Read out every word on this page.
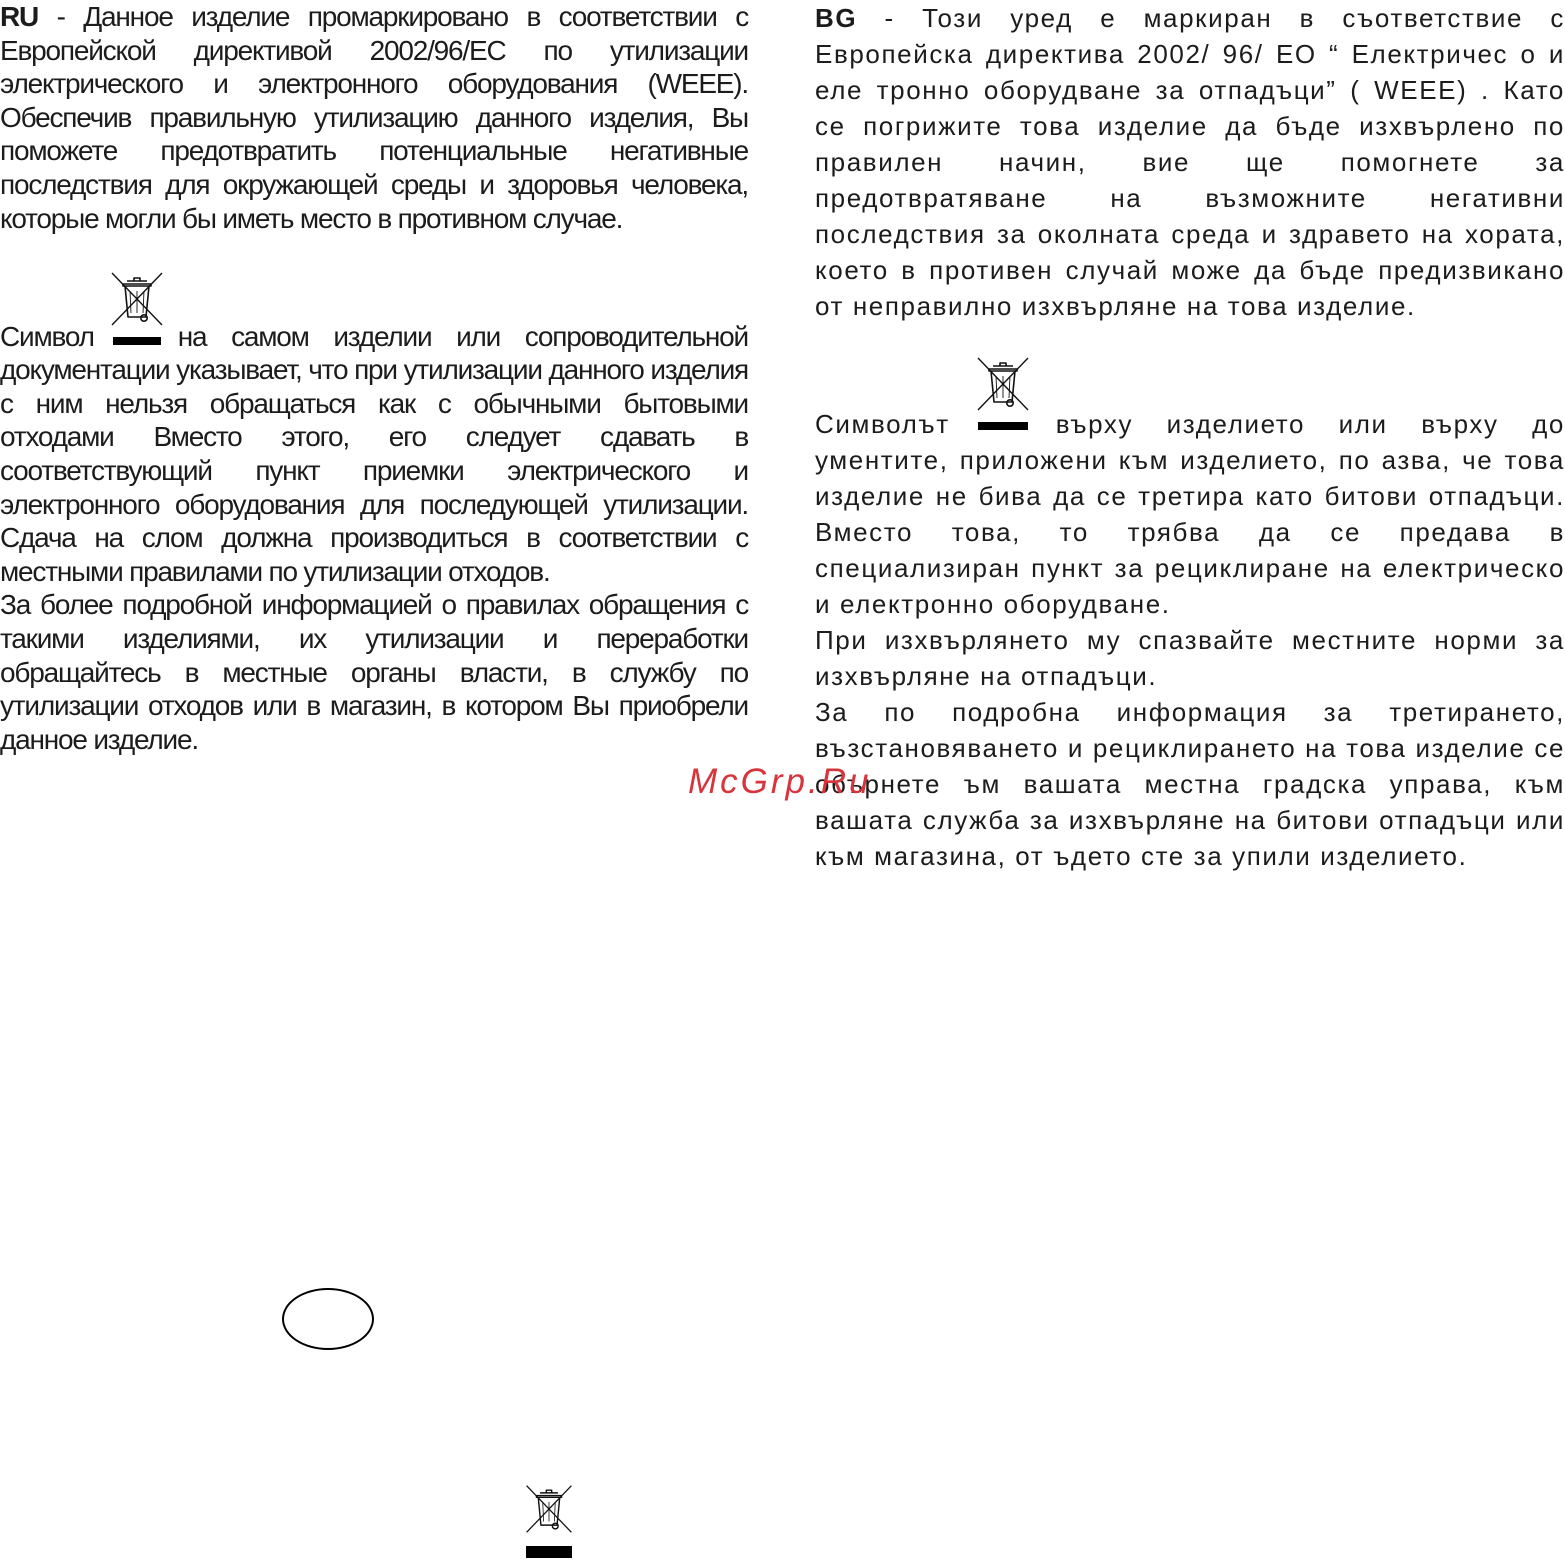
RU - Данное изделие промаркировано в соответствии с Европейской директивой 2002/96/EC по утилизации электрического и электронного оборудования (WEEE). Обеспечив правильную утилизацию данного изделия, Вы поможете предотвратить потенциальные негативные последствия для окружающей среды и здоровья человека, которые могли бы иметь место в противном случае.

Символ	на самом изделии или сопроводительной

документации указывает, что при утилизации данного изделия с ним нельзя обращаться как с обычными бытовыми отходами Вместо этого, его следует сдавать в соответствующий пункт приемки электрического и электронного оборудования для последующей утилизации. Сдача на слом должна производиться в соответствии с местными правилами по утилизации отходов.

За более подробной информацией о правилах обращения с такими изделиями, их утилизации и переработки обращайтесь в местные органы власти, в службу по утилизации отходов или в магазин, в котором Вы приобрели данное изделие.

BG - Този уред е маркиран в съответствие с Европейска директива 2002/ 96/ ЕО “ Електричес о и еле тронно оборудване за отпадъци” ( WEEE) . Като се погрижите това изделие да бъде изхвърлено по правилен начин, вие ще помогнете за предотвратяване на възможните негативни последствия за околната среда и здравето на хората, което в противен случай може да бъде предизвикано от неправилно изхвърляне на това изделие.

Символът	върху изделието или върху до

ументите, приложени към изделието, по азва, че това изделие не бива да се третира като битови отпадъци. Вместо това, то трябва да се предава в специализиран пункт за рециклиране на електрическо и електронно оборудване.

При изхвърлянето му спазвайте местните норми за изхвърляне на отпадъци.

За по подробна информация за третирането, възстановяването и рециклирането на това изделие се обърнете ъм вашата местна градска управа, към вашата служба за изхвърляне на битови отпадъци или към магазина, от ъдето сте за упили изделието.

McGrp.Ru
